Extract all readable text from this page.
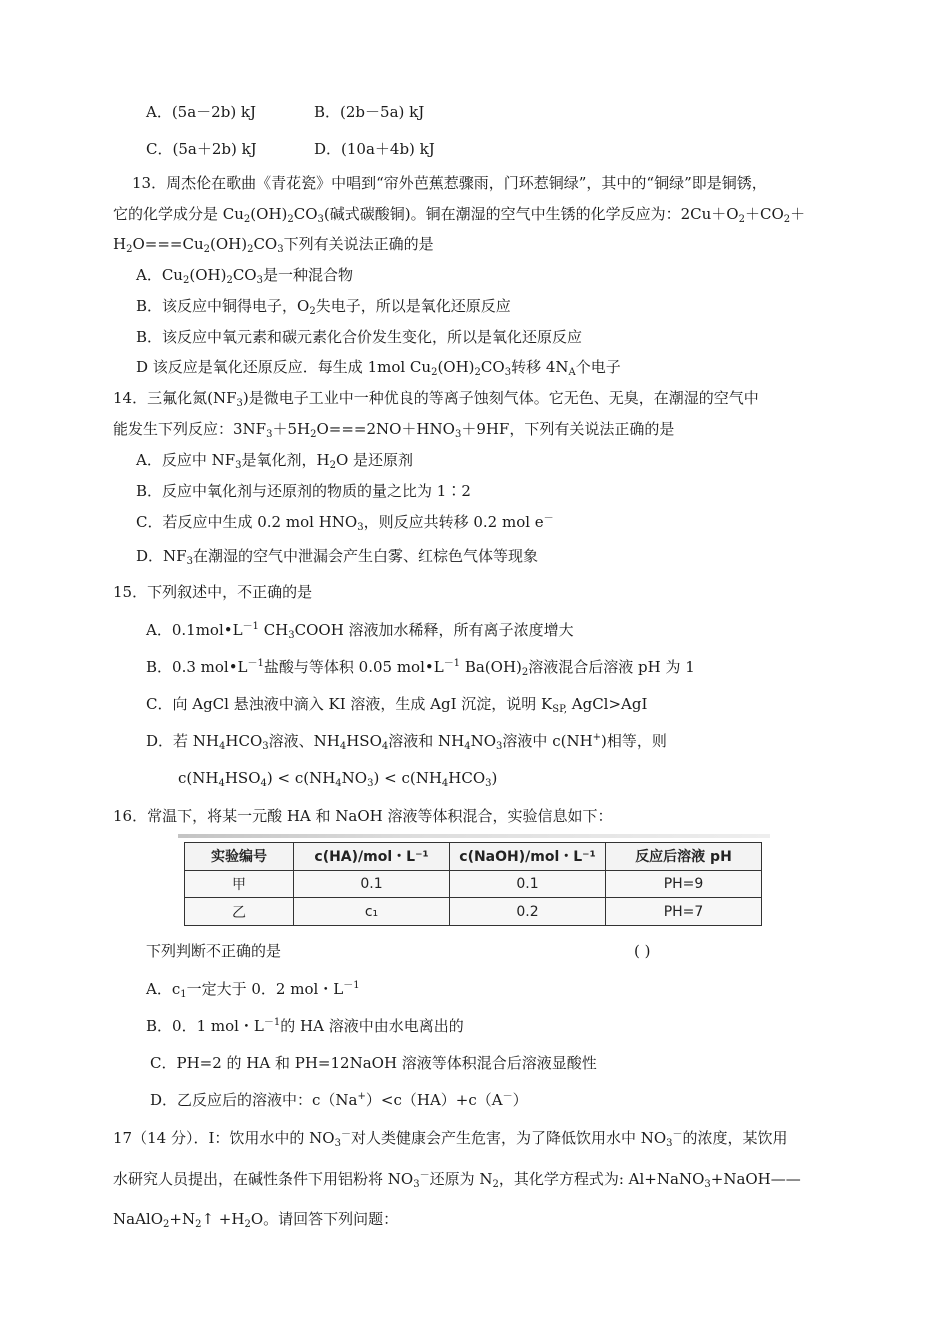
A．(5a－2b) kJ	B．(2b－5a) kJ
C．(5a＋2b) kJ	D．(10a＋4b) kJ
13．周杰伦在歌曲《青花瓷》中唱到“帘外芭蕉惹骤雨，门环惹铜绿”，其中的“铜绿”即是铜锈，
它的化学成分是 $Cu_2(OH)_2CO_3$(碱式碳酸铜)。铜在潮湿的空气中生锈的化学反应为：$2Cu+O_2+CO_2+$
$H_2O===Cu_2(OH)_2CO_3$下列有关说法正确的是
A．$Cu_2(OH)_2CO_3$是一种混合物
B．该反应中铜得电子，$O_2$失电子，所以是氧化还原反应
B．该反应中氧元素和碳元素化合价发生变化，所以是氧化还原反应
D 该反应是氧化还原反应．每生成 1mol $Cu_2(OH)_2CO_3$转移 $4N_A$个电子
14．三氟化氮$(NF_3)$是微电子工业中一种优良的等离子蚀刻气体。它无色、无臭，在潮湿的空气中
能发生下列反应：$3NF_3+5H_2O===2NO+HNO_3+9HF$，下列有关说法正确的是
A．反应中 $NF_3$是氧化剂，$H_2O$ 是还原剂
B．反应中氧化剂与还原剂的物质的量之比为 1∶2
C．若反应中生成 0.2 mol $HNO_3$，则反应共转移 0.2 mol e－
D．$NF_3$在潮湿的空气中泄漏会产生白雾、红棕色气体等现象
15．下列叙述中，不正确的是
A．$0.1mol•L^{-1}$ $CH_3COOH$ 溶液加水稀释，所有离子浓度增大
B．0.3 $mol•L^{-1}$盐酸与等体积 0.05 $mol•L^{-1}$ $Ba(OH)_2$溶液混合后溶液 pH 为 1
C．向 AgCl 悬浊液中滴入 KI 溶液，生成 AgI 沉淀，说明 $K_{SP,}$ AgCl>AgI
D．若 $NH_4HCO_3$溶液、$NH_4HSO_4$溶液和 $NH_4NO_3$溶液中 c(NH+)相等，则
$c(NH_4HSO_4) < c(NH_4NO_3) < c(NH_4HCO_3)$
16．常温下，将某一元酸 HA 和 NaOH 溶液等体积混合，实验信息如下：
实验编号	c(HA)/mol・L⁻¹	c(NaOH)/mol・L⁻¹	反应后溶液 pH
甲	0.1	0.1	PH=9
乙	c₁	0.2	PH=7
下列判断不正确的是	( )
A．$c_1$一定大于 0．2 mol・$L^{-1}$
B．0．1 mol・$L^{-1}$的 HA 溶液中由水电离出的
C．PH=2 的 HA 和 PH=12NaOH 溶液等体积混合后溶液显酸性
D．乙反应后的溶液中：c（Na+）<c（HA）+c（A－）
17（14 分）．I：饮用水中的 $NO_3^-$对人类健康会产生危害，为了降低饮用水中 $NO_3^-$的浓度，某饮用
水研究人员提出，在碱性条件下用铝粉将 $NO_3^-$还原为 $N_2$，其化学方程式为: Al+NaNO$_3$+NaOH——
$NaAlO_2+N_2↑ +H_2O$。请回答下列问题：
